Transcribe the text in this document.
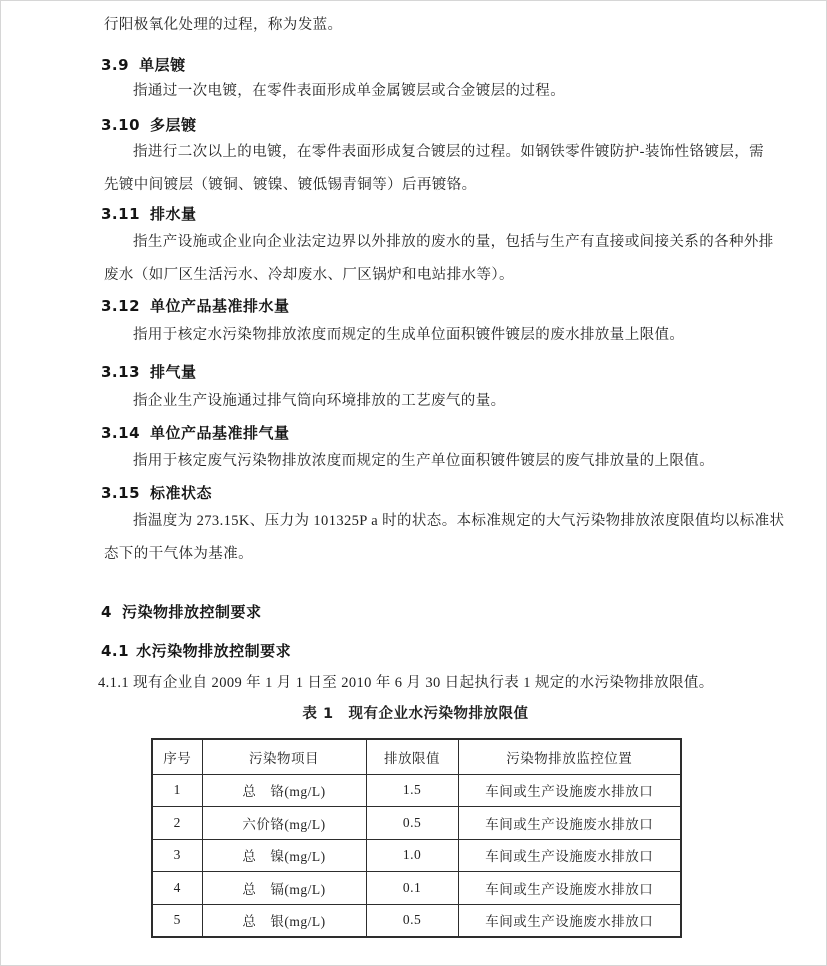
行阳极氧化处理的过程，称为发蓝。
3.9 单层镀
指通过一次电镀，在零件表面形成单金属镀层或合金镀层的过程。
3.10 多层镀
指进行二次以上的电镀，在零件表面形成复合镀层的过程。如钢铁零件镀防护-装饰性铬镀层，需
先镀中间镀层（镀铜、镀镍、镀低锡青铜等）后再镀铬。
3.11 排水量
指生产设施或企业向企业法定边界以外排放的废水的量，包括与生产有直接或间接关系的各种外排
废水（如厂区生活污水、冷却废水、厂区锅炉和电站排水等）。
3.12 单位产品基准排水量
指用于核定水污染物排放浓度而规定的生成单位面积镀件镀层的废水排放量上限值。
3.13 排气量
指企业生产设施通过排气筒向环境排放的工艺废气的量。
3.14 单位产品基准排气量
指用于核定废气污染物排放浓度而规定的生产单位面积镀件镀层的废气排放量的上限值。
3.15 标准状态
指温度为 273.15K、压力为 101325P a 时的状态。本标准规定的大气污染物排放浓度限值均以标准状
态下的干气体为基准。
4 污染物排放控制要求
4.1 水污染物排放控制要求
4.1.1 现有企业自 2009 年 1 月 1 日至 2010 年 6 月 30 日起执行表 1 规定的水污染物排放限值。
表 1　现有企业水污染物排放限值
序号	污染物项目	排放限值	污染物排放监控位置
1	总　铬(mg/L)	1.5	车间或生产设施废水排放口
2	六价铬(mg/L)	0.5	车间或生产设施废水排放口
3	总　镍(mg/L)	1.0	车间或生产设施废水排放口
4	总　镉(mg/L)	0.1	车间或生产设施废水排放口
5	总　银(mg/L)	0.5	车间或生产设施废水排放口
